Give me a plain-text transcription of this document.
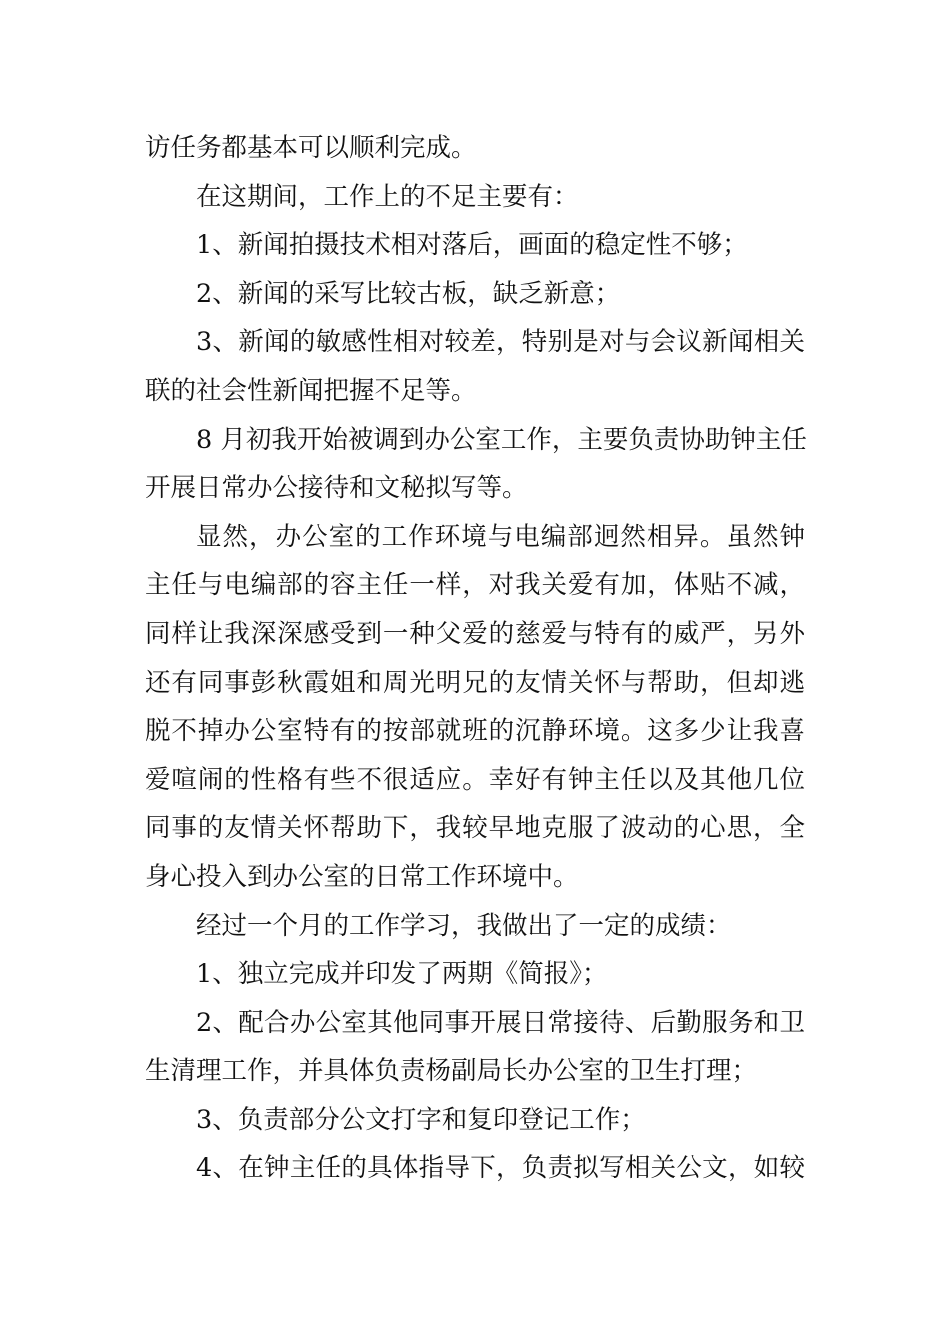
访任务都基本可以顺利完成。
在这期间，工作上的不足主要有：
1、新闻拍摄技术相对落后，画面的稳定性不够；
2、新闻的采写比较古板，缺乏新意；
3、新闻的敏感性相对较差，特别是对与会议新闻相关
联的社会性新闻把握不足等。
8 月初我开始被调到办公室工作，主要负责协助钟主任
开展日常办公接待和文秘拟写等。
显然，办公室的工作环境与电编部迥然相异。虽然钟
主任与电编部的容主任一样，对我关爱有加，体贴不减，
同样让我深深感受到一种父爱的慈爱与特有的威严，另外
还有同事彭秋霞姐和周光明兄的友情关怀与帮助，但却逃
脱不掉办公室特有的按部就班的沉静环境。这多少让我喜
爱喧闹的性格有些不很适应。幸好有钟主任以及其他几位
同事的友情关怀帮助下，我较早地克服了波动的心思，全
身心投入到办公室的日常工作环境中。
经过一个月的工作学习，我做出了一定的成绩：
1、独立完成并印发了两期《简报》；
2、配合办公室其他同事开展日常接待、后勤服务和卫
生清理工作，并具体负责杨副局长办公室的卫生打理；
3、负责部分公文打字和复印登记工作；
4、在钟主任的具体指导下，负责拟写相关公文，如较
